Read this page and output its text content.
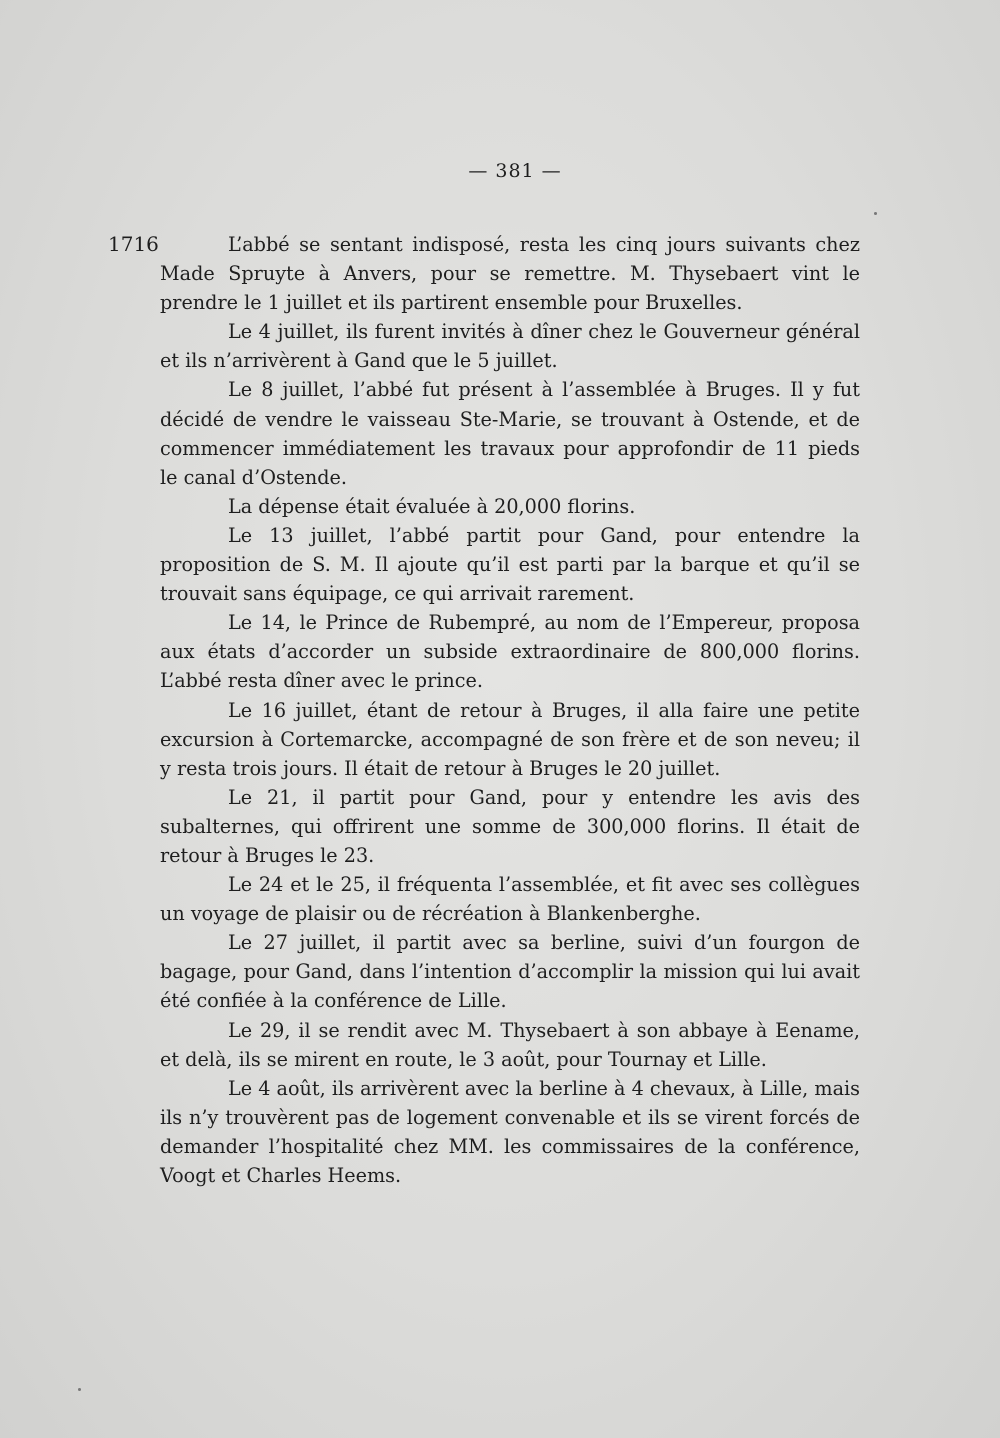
— 381 —
1716	L’abbé se sentant indisposé, resta les cinq jours suivants chez Made Spruyte à Anvers, pour se remettre. M. Thysebaert vint le prendre le 1 juillet et ils partirent ensemble pour Bruxelles.

Le 4 juillet, ils furent invités à dîner chez le Gouverneur général et ils n’arrivèrent à Gand que le 5 juillet.

Le 8 juillet, l’abbé fut présent à l’assemblée à Bruges. Il y fut décidé de vendre le vaisseau Ste-Marie, se trouvant à Ostende, et de commencer immédiatement les travaux pour approfondir de 11 pieds le canal d’Ostende.

La dépense était évaluée à 20,000 florins.

Le 13 juillet, l’abbé partit pour Gand, pour entendre la proposition de S. M. Il ajoute qu’il est parti par la barque et qu’il se trouvait sans équipage, ce qui arrivait rarement.

Le 14, le Prince de Rubempré, au nom de l’Empereur, proposa aux états d’accorder un subside extraordinaire de 800,000 florins. L’abbé resta dîner avec le prince.

Le 16 juillet, étant de retour à Bruges, il alla faire une petite excursion à Cortemarcke, accompagné de son frère et de son neveu; il y resta trois jours. Il était de retour à Bruges le 20 juillet.

Le 21, il partit pour Gand, pour y entendre les avis des subalternes, qui offrirent une somme de 300,000 florins. Il était de retour à Bruges le 23.

Le 24 et le 25, il fréquenta l’assemblée, et fit avec ses collègues un voyage de plaisir ou de récréation à Blankenberghe.

Le 27 juillet, il partit avec sa berline, suivi d’un fourgon de bagage, pour Gand, dans l’intention d’accomplir la mission qui lui avait été confiée à la conférence de Lille.

Le 29, il se rendit avec M. Thysebaert à son abbaye à Eename, et delà, ils se mirent en route, le 3 août, pour Tournay et Lille.

Le 4 août, ils arrivèrent avec la berline à 4 chevaux, à Lille, mais ils n’y trouvèrent pas de logement convenable et ils se virent forcés de demander l’hospitalité chez MM. les commissaires de la conférence, Voogt et Charles Heems.
